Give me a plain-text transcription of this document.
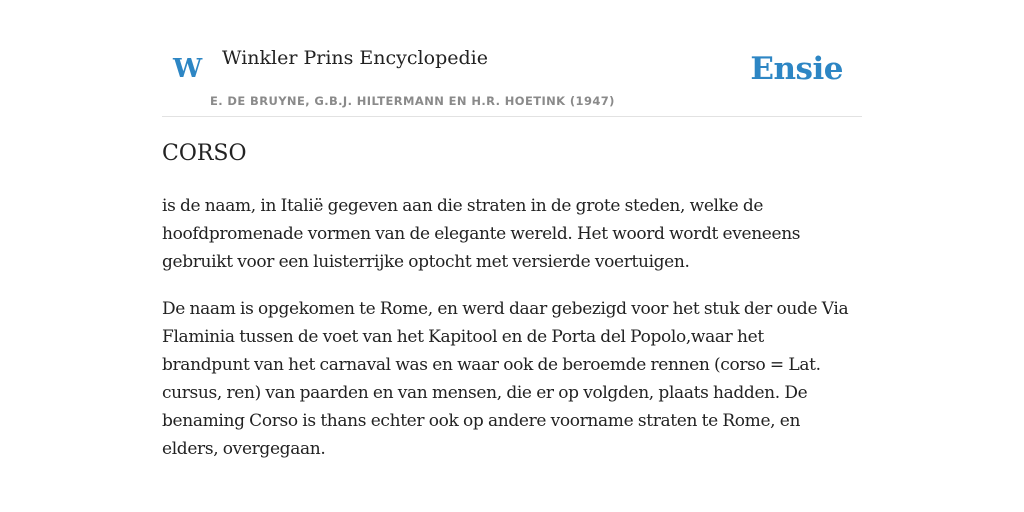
W Winkler Prins Encyclopedie
E. DE BRUYNE, G.B.J. HILTERMANN EN H.R. HOETINK (1947)
Ensie
CORSO

is de naam, in Italië gegeven aan die straten in de grote steden, welke de
hoofdpromenade vormen van de elegante wereld. Het woord wordt eveneens
gebruikt voor een luisterrijke optocht met versierde voertuigen.

De naam is opgekomen te Rome, en werd daar gebezigd voor het stuk der oude Via
Flaminia tussen de voet van het Kapitool en de Porta del Popolo,waar het
brandpunt van het carnaval was en waar ook de beroemde rennen (corso = Lat.
cursus, ren) van paarden en van mensen, die er op volgden, plaats hadden. De
benaming Corso is thans echter ook op andere voorname straten te Rome, en
elders, overgegaan.
